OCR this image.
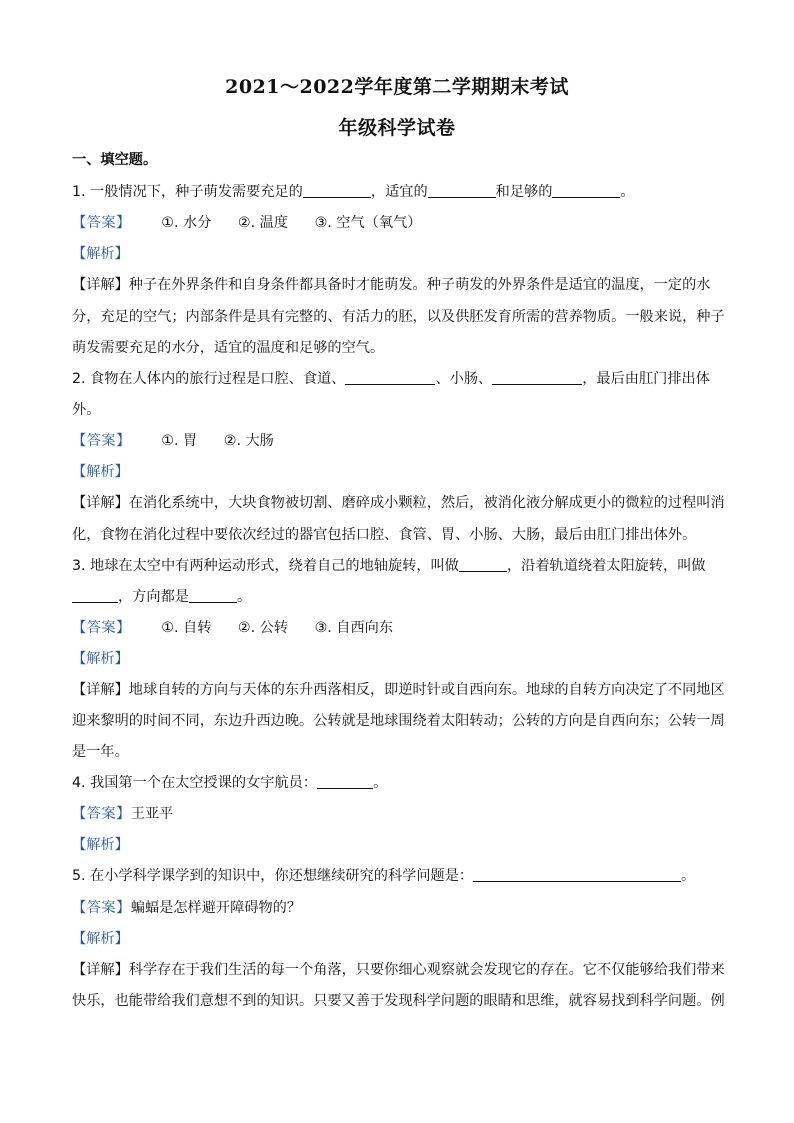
2021～2022学年度第二学期期末考试
年级科学试卷
一、填空题。
1. 一般情况下，种子萌发需要充足的	，适宜的	和足够的	。
【答案】 ①. 水分 ②. 温度 ③. 空气（氧气）
【解析】
【详解】种子在外界条件和自身条件都具备时才能萌发。种子萌发的外界条件是适宜的温度，一定的水
分，充足的空气；内部条件是具有完整的、有活力的胚，以及供胚发育所需的营养物质。一般来说，种子
萌发需要充足的水分，适宜的温度和足够的空气。
2. 食物在人体内的旅行过程是口腔、食道、	、小肠、	，最后由肛门排出体
外。
【答案】 ①. 胃 ②. 大肠
【解析】
【详解】在消化系统中，大块食物被切割、磨碎成小颗粒，然后，被消化液分解成更小的微粒的过程叫消
化，食物在消化过程中要依次经过的器官包括口腔、食管、胃、小肠、大肠，最后由肛门排出体外。
3. 地球在太空中有两种运动形式，绕着自己的地轴旋转，叫做	，沿着轨道绕着太阳旋转，叫做
，方向都是	。
【答案】 ①. 自转 ②. 公转 ③. 自西向东
【解析】
【详解】地球自转的方向与天体的东升西落相反，即逆时针或自西向东。地球的自转方向决定了不同地区
迎来黎明的时间不同，东边升西边晚。公转就是地球围绕着太阳转动；公转的方向是自西向东；公转一周
是一年。
4. 我国第一个在太空授课的女宇航员：	。
【答案】王亚平
【解析】
5. 在小学科学课学到的知识中，你还想继续研究的科学问题是：	。
【答案】蝙蝠是怎样避开障碍物的？
【解析】
【详解】科学存在于我们生活的每一个角落，只要你细心观察就会发现它的存在。它不仅能够给我们带来
快乐，也能带给我们意想不到的知识。只要又善于发现科学问题的眼睛和思维，就容易找到科学问题。例
